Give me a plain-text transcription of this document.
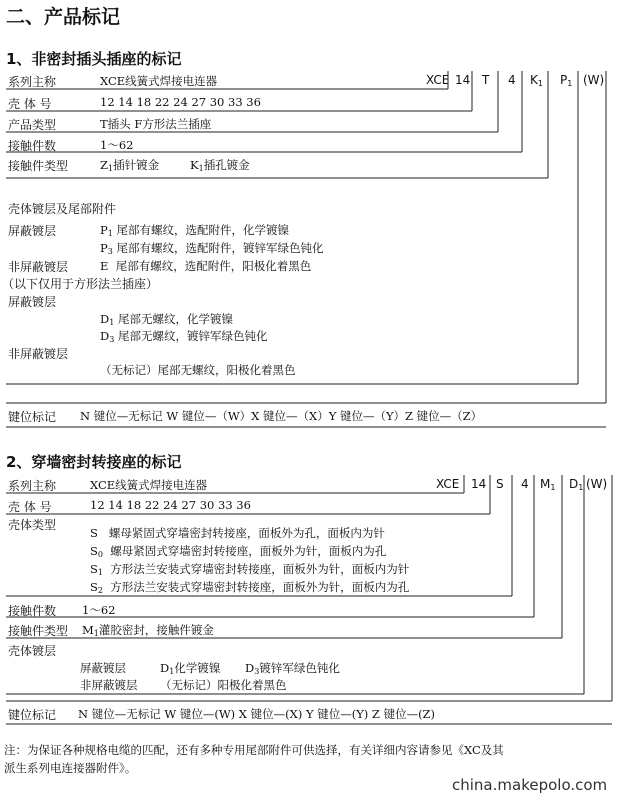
二、产品标记
1、非密封插头插座的标记
XCE 14 T 4 $K_1$ $P_1$ (W)
系列主称	XCE线簧式焊接电连器
壳 体 号	12 14 18 22 24 27 30 33 36
产品类型	T插头 F方形法兰插座
接触件数	1～62
接触件类型	$Z_1$插针镀金	$K_1$插孔镀金
壳体镀层及尾部附件
屏蔽镀层	$P_1$ 尾部有螺纹，选配附件，化学镀镍
$P_3$ 尾部有螺纹，选配附件，镀锌军绿色钝化
非屏蔽镀层	E 尾部有螺纹，选配附件，阳极化着黑色
（以下仅用于方形法兰插座）
屏蔽镀层
$D_1$ 尾部无螺纹，化学镀镍
$D_3$ 尾部无螺纹，镀锌军绿色钝化
非屏蔽镀层
（无标记）尾部无螺纹，阳极化着黑色
键位标记 N 键位—无标记 W 键位—（W）X 键位—（X）Y 键位—（Y）Z 键位—（Z）
2、穿墙密封转接座的标记
XCE 14 S 4 $M_1$ $D_1$ (W)
系列主称	XCE线簧式焊接电连器
壳 体 号	12 14 18 22 24 27 30 33 36
壳体类型
S 螺母紧固式穿墙密封转接座，面板外为孔，面板内为针
$S_0$ 螺母紧固式穿墙密封转接座，面板外为针，面板内为孔
$S_1$ 方形法兰安装式穿墙密封转接座，面板外为针，面板内为针
$S_2$ 方形法兰安装式穿墙密封转接座，面板外为针，面板内为孔
接触件数 1～62
接触件类型 $M_1$灌胶密封，接触件镀金
壳体镀层
屏蔽镀层	$D_1$化学镀镍 $D_3$镀锌军绿色钝化
非屏蔽镀层 （无标记）阳极化着黑色
键位标记 N 键位—无标记 W 键位—(W) X 键位—(X) Y 键位—(Y) Z 键位—(Z)
注：为保证各种规格电缆的匹配，还有多种专用尾部附件可供选择，有关详细内容请参见《XC及其
派生系列电连接器附件》。
china.makepolo.com
